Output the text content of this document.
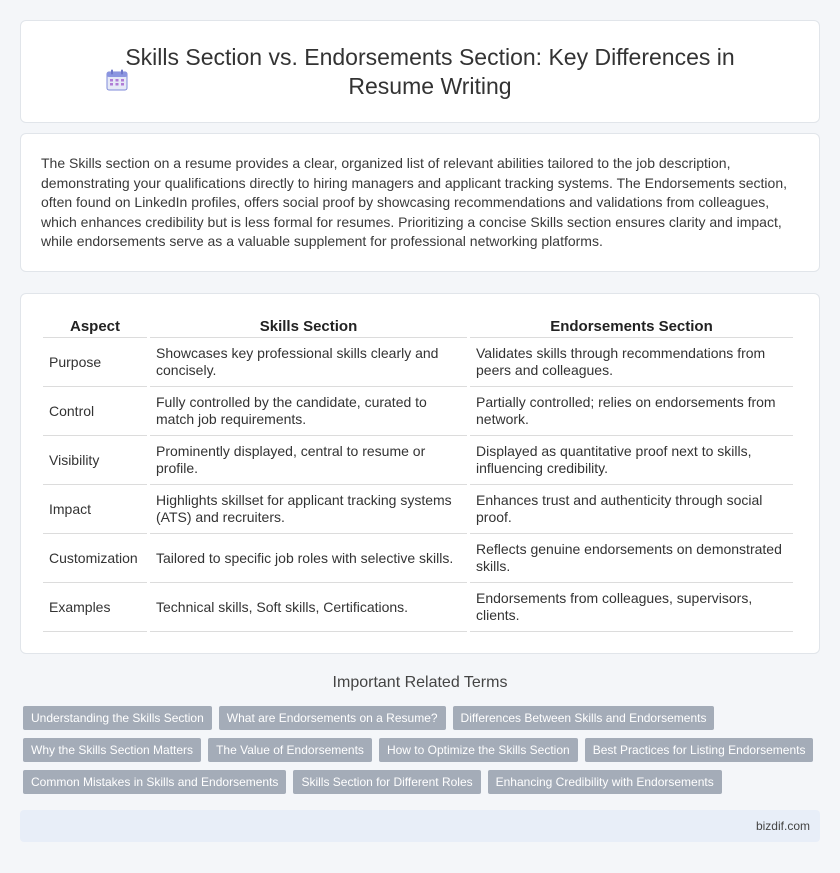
Skills Section vs. Endorsements Section: Key Differences in Resume Writing

The Skills section on a resume provides a clear, organized list of relevant abilities tailored to the job description, demonstrating your qualifications directly to hiring managers and applicant tracking systems. The Endorsements section, often found on LinkedIn profiles, offers social proof by showcasing recommendations and validations from colleagues, which enhances credibility but is less formal for resumes. Prioritizing a concise Skills section ensures clarity and impact, while endorsements serve as a valuable supplement for professional networking platforms.

Aspect	Skills Section	Endorsements Section
Purpose	Showcases key professional skills clearly and concisely.	Validates skills through recommendations from peers and colleagues.
Control	Fully controlled by the candidate, curated to match job requirements.	Partially controlled; relies on endorsements from network.
Visibility	Prominently displayed, central to resume or profile.	Displayed as quantitative proof next to skills, influencing credibility.
Impact	Highlights skillset for applicant tracking systems (ATS) and recruiters.	Enhances trust and authenticity through social proof.
Customization	Tailored to specific job roles with selective skills.	Reflects genuine endorsements on demonstrated skills.
Examples	Technical skills, Soft skills, Certifications.	Endorsements from colleagues, supervisors, clients.
Important Related Terms
Understanding the Skills Section What are Endorsements on a Resume? Differences Between Skills and Endorsements
Why the Skills Section Matters The Value of Endorsements How to Optimize the Skills Section Best Practices for Listing Endorsements
Common Mistakes in Skills and Endorsements Skills Section for Different Roles Enhancing Credibility with Endorsements
bizdif.com
